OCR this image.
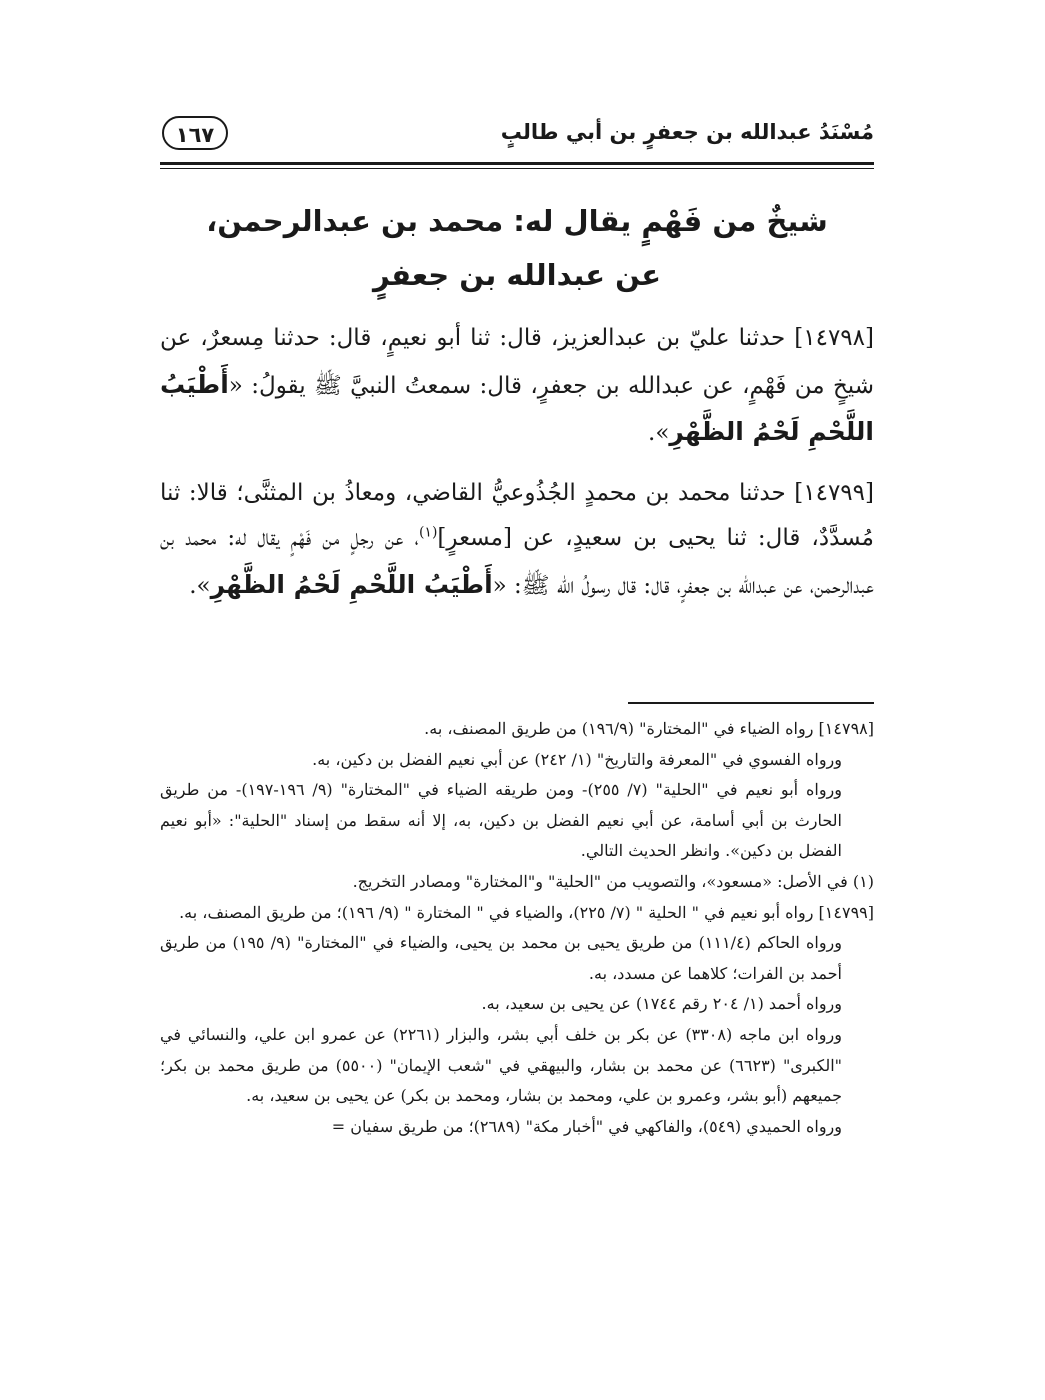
مُسْنَدُ عبدالله بن جعفرٍ بن أبي طالبٍ
١٦٧
شيخٌ من فَهْمٍ يقال له: محمد بن عبدالرحمن،
عن عبدالله بن جعفرٍ

[١٤٧٩٨] حدثنا عليّ بن عبدالعزيز، قال: ثنا أبو نعيمٍ، قال: حدثنا مِسعرٌ، عن شيخٍ من فَهْمٍ، عن عبدالله بن جعفرٍ، قال: سمعتُ النبيَّ ﷺ يقولُ: «أَطْيَبُ اللَّحْمِ لَحْمُ الظَّهْرِ».

[١٤٧٩٩] حدثنا محمد بن محمدٍ الجُذُوعيُّ القاضي، ومعاذُ بن المثنَّى؛ قالا: ثنا مُسدَّدٌ، قال: ثنا يحيى بن سعيدٍ، عن [مسعرٍ]$^{(١)}$، عن رجلٍ من فَهْمٍ يقال له: محمد بن عبدالرحمن، عن عبدالله بن جعفرٍ، قال: قال رسولُ الله ﷺ: «أَطْيَبُ اللَّحْمِ لَحْمُ الظَّهْرِ».

[١٤٧٩٨] رواه الضياء في "المختارة" (١٩٦/٩) من طريق المصنف، به.

ورواه الفسوي في "المعرفة والتاريخ" (١/ ٢٤٢) عن أبي نعيم الفضل بن دكين، به.

ورواه أبو نعيم في "الحلية" (٧/ ٢٥٥)- ومن طريقه الضياء في "المختارة" (٩/ ١٩٦-١٩٧)- من طريق الحارث بن أبي أسامة، عن أبي نعيم الفضل بن دكين، به، إلا أنه سقط من إسناد "الحلية": «أبو نعيم الفضل بن دكين». وانظر الحديث التالي.

(١) في الأصل: «مسعود»، والتصويب من "الحلية" و"المختارة" ومصادر التخريج.

[١٤٧٩٩] رواه أبو نعيم في " الحلية " (٧/ ٢٢٥)، والضياء في " المختارة " (٩/ ١٩٦)؛ من طريق المصنف، به.

ورواه الحاكم (١١١/٤) من طريق يحيى بن محمد بن يحيى، والضياء في "المختارة" (٩/ ١٩٥) من طريق أحمد بن الفرات؛ كلاهما عن مسدد، به.

ورواه أحمد (١/ ٢٠٤ رقم ١٧٤٤) عن يحيى بن سعيد، به.

ورواه ابن ماجه (٣٣٠٨) عن بكر بن خلف أبي بشر، والبزار (٢٢٦١) عن عمرو ابن علي، والنسائي في "الكبرى" (٦٦٢٣) عن محمد بن بشار، والبيهقي في "شعب الإيمان" (٥٥٠٠) من طريق محمد بن بكر؛ جميعهم (أبو بشر، وعمرو بن علي، ومحمد بن بشار، ومحمد بن بكر) عن يحيى بن سعيد، به.

ورواه الحميدي (٥٤٩)، والفاكهي في "أخبار مكة" (٢٦٨٩)؛ من طريق سفيان =
